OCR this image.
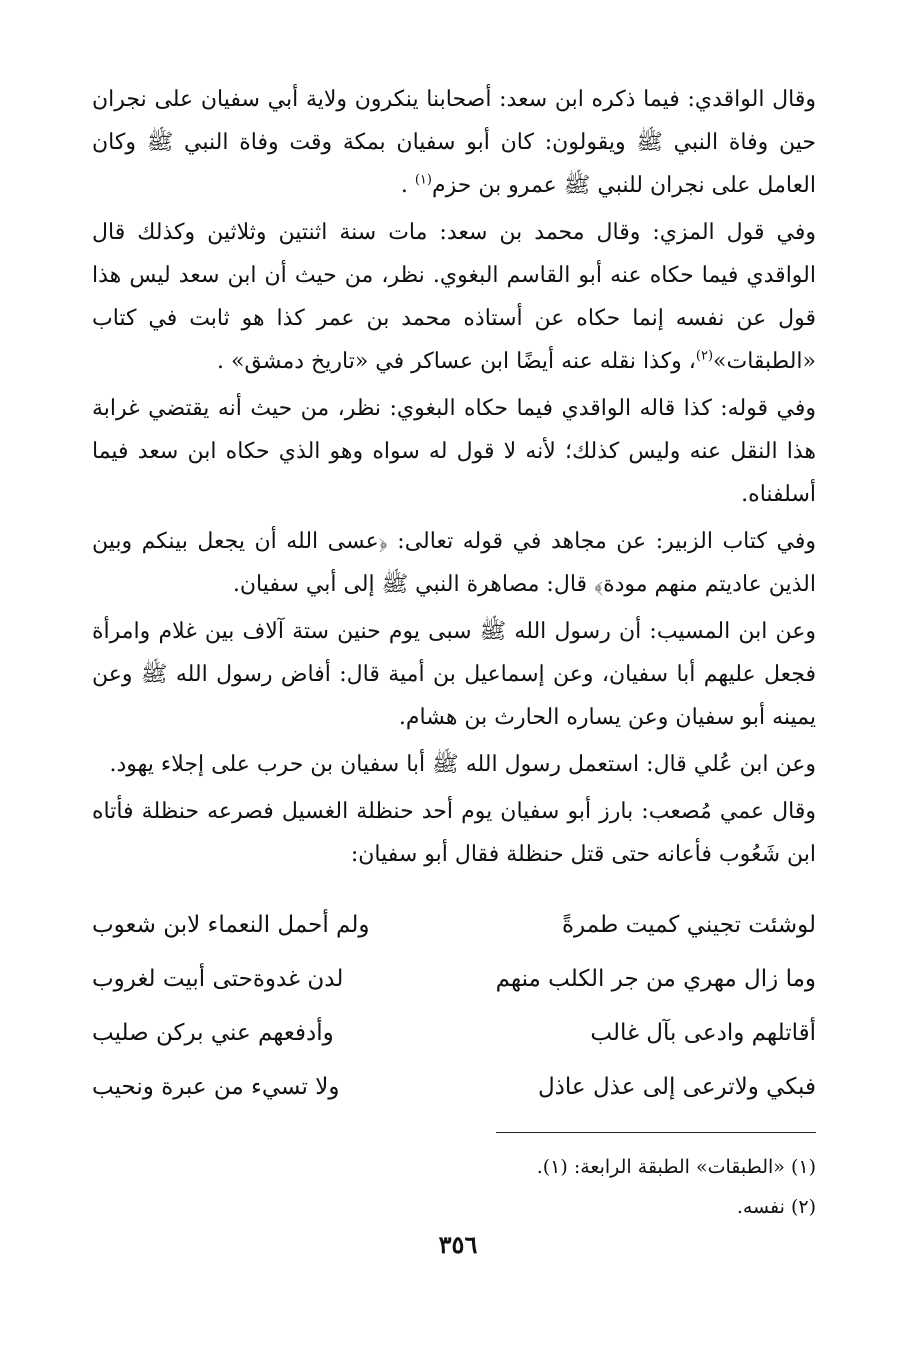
وقال الواقدي: فيما ذكره ابن سعد: أصحابنا ينكرون ولاية أبي سفيان على نجران حين وفاة النبي ﷺ ويقولون: كان أبو سفيان بمكة وقت وفاة النبي ﷺ وكان العامل على نجران للنبي ﷺ عمرو بن حزم$^{(١)}$ .

وفي قول المزي: وقال محمد بن سعد: مات سنة اثنتين وثلاثين وكذلك قال الواقدي فيما حكاه عنه أبو القاسم البغوي. نظر، من حيث أن ابن سعد ليس هذا قول عن نفسه إنما حكاه عن أستاذه محمد بن عمر كذا هو ثابت في كتاب «الطبقات»$^{(٢)}$، وكذا نقله عنه أيضًا ابن عساكر في «تاريخ دمشق» .

وفي قوله: كذا قاله الواقدي فيما حكاه البغوي: نظر، من حيث أنه يقتضي غرابة هذا النقل عنه وليس كذلك؛ لأنه لا قول له سواه وهو الذي حكاه ابن سعد فيما أسلفناه.

وفي كتاب الزبير: عن مجاهد في قوله تعالى: ﴿عسى الله أن يجعل بينكم وبين الذين عاديتم منهم مودة﴾ قال: مصاهرة النبي ﷺ إلى أبي سفيان.

وعن ابن المسيب: أن رسول الله ﷺ سبى يوم حنين ستة آلاف بين غلام وامرأة فجعل عليهم أبا سفيان، وعن إسماعيل بن أمية قال: أفاض رسول الله ﷺ وعن يمينه أبو سفيان وعن يساره الحارث بن هشام.

وعن ابن عُلي قال: استعمل رسول الله ﷺ أبا سفيان بن حرب على إجلاء يهود.

وقال عمي مُصعب: بارز أبو سفيان يوم أحد حنظلة الغسيل فصرعه حنظلة فأتاه ابن شَعُوب فأعانه حتى قتل حنظلة فقال أبو سفيان:

لوشئت تجيني كميت طمرةً
ولم أحمل النعماء لابن شعوب
وما زال مهري من جر الكلب منهم
لدن غدوةحتى أبيت لغروب
أقاتلهم وادعى بآل غالب
وأدفعهم عني بركن صليب
فبكي ولاترعى إلى عذل عاذل
ولا تسيء من عبرة ونحيب
(١) «الطبقات» الطبقة الرابعة: (١).
(٢) نفسه.
٣٥٦
